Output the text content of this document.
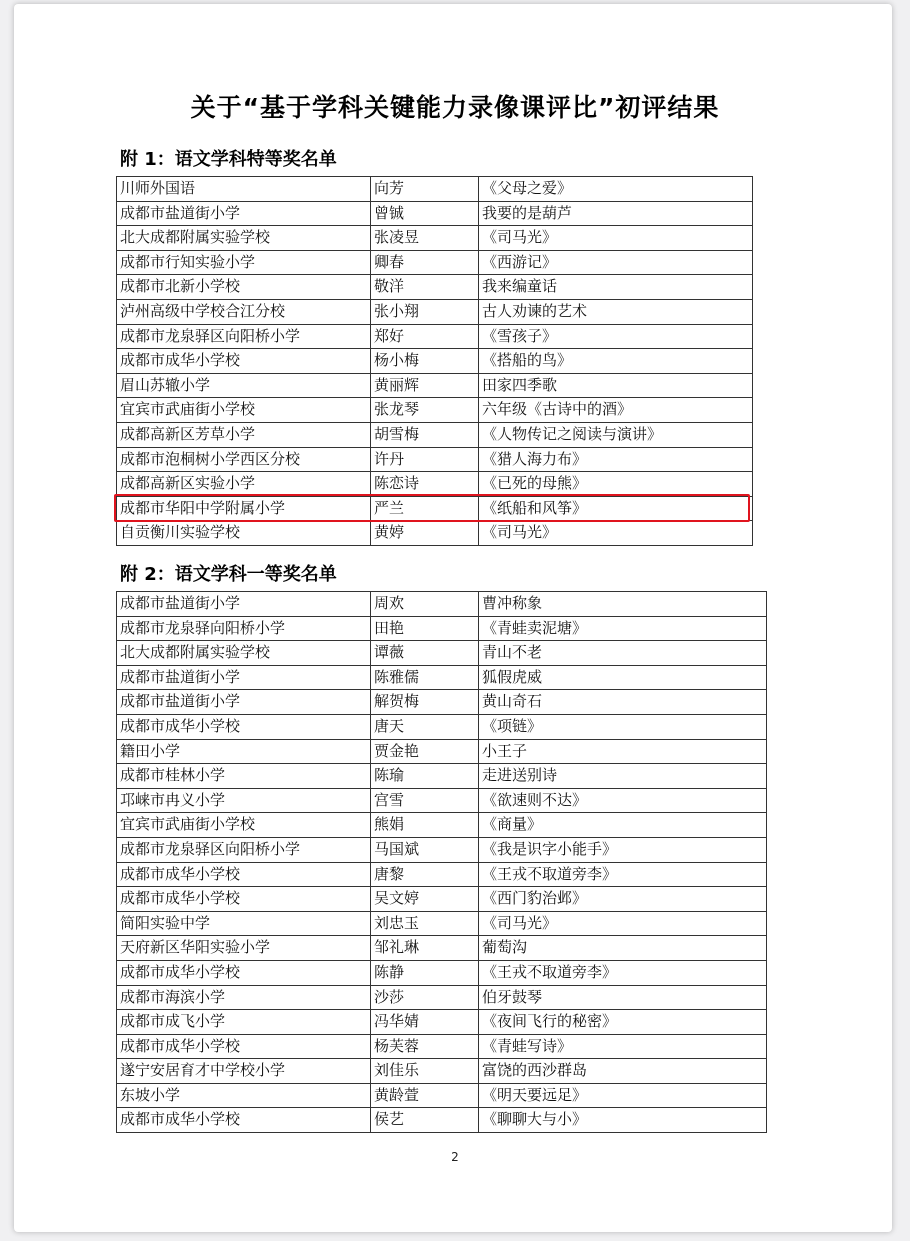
关于“基于学科关键能力录像课评比”初评结果
附 1：语文学科特等奖名单
川师外国语	向芳	《父母之爱》
成都市盐道街小学	曾铖	我要的是葫芦
北大成都附属实验学校	张凌昱	《司马光》
成都市行知实验小学	卿春	《西游记》
成都市北新小学校	敬洋	我来编童话
泸州高级中学校合江分校	张小翔	古人劝谏的艺术
成都市龙泉驿区向阳桥小学	郑好	《雪孩子》
成都市成华小学校	杨小梅	《搭船的鸟》
眉山苏辙小学	黄丽辉	田家四季歌
宜宾市武庙街小学校	张龙琴	六年级《古诗中的酒》
成都高新区芳草小学	胡雪梅	《人物传记之阅读与演讲》
成都市泡桐树小学西区分校	许丹	《猎人海力布》
成都高新区实验小学	陈恋诗	《已死的母熊》
成都市华阳中学附属小学	严兰	《纸船和风筝》
自贡衡川实验学校	黄婷	《司马光》
附 2：语文学科一等奖名单
成都市盐道街小学	周欢	曹冲称象
成都市龙泉驿向阳桥小学	田艳	《青蛙卖泥塘》
北大成都附属实验学校	谭薇	青山不老
成都市盐道街小学	陈雅儒	狐假虎威
成都市盐道街小学	解贺梅	黄山奇石
成都市成华小学校	唐天	《项链》
籍田小学	贾金艳	小王子
成都市桂林小学	陈瑜	走进送别诗
邛崃市冉义小学	宫雪	《欲速则不达》
宜宾市武庙街小学校	熊娟	《商量》
成都市龙泉驿区向阳桥小学	马国斌	《我是识字小能手》
成都市成华小学校	唐黎	《王戎不取道旁李》
成都市成华小学校	吴文婷	《西门豹治邺》
简阳实验中学	刘忠玉	《司马光》
天府新区华阳实验小学	邹礼琳	葡萄沟
成都市成华小学校	陈静	《王戎不取道旁李》
成都市海滨小学	沙莎	伯牙鼓琴
成都市成飞小学	冯华婧	《夜间飞行的秘密》
成都市成华小学校	杨芙蓉	《青蛙写诗》
遂宁安居育才中学校小学	刘佳乐	富饶的西沙群岛
东坡小学	黄龄萱	《明天要远足》
成都市成华小学校	侯艺	《聊聊大与小》
2
